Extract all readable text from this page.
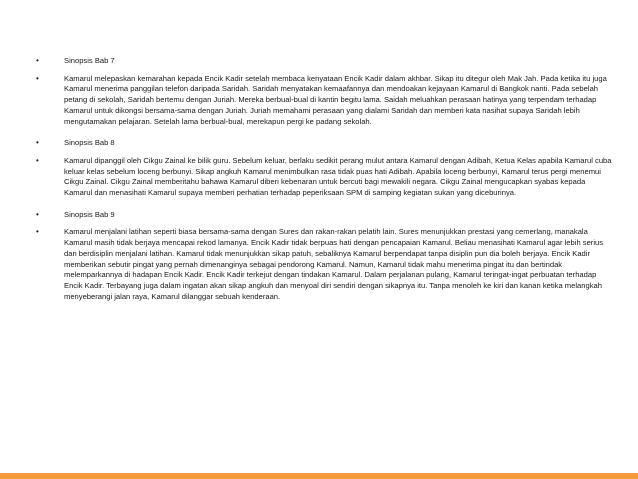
•	Sinopsis Bab 7
•	Kamarul melepaskan kemarahan kepada Encik Kadir setelah membaca kenyataan Encik Kadir dalam akhbar. Sikap itu ditegur oleh Mak Jah. Pada ketika itu juga Kamarul menerima panggilan telefon daripada Saridah. Saridah menyatakan kemaafannya dan mendoakan kejayaan Kamarul di Bangkok nanti. Pada sebelah petang di sekolah, Saridah bertemu dengan Juriah. Mereka berbual-bual di kantin begitu lama. Saidah meluahkan perasaan hatinya yang terpendam terhadap Kamarul untuk dikongsi bersama-sama dengan Juriah. Juriah memahami perasaan yang dialami Saridah dan memberi kata nasihat supaya Saridah lebih mengutamakan pelajaran. Setelah lama berbual-bual, merekapun pergi ke padang sekolah.
•	Sinopsis Bab 8
•	Kamarul dipanggil oleh Cikgu Zainal ke bilik guru. Sebelum keluar, berlaku sedikit perang mulut antara Kamarul dengan Adibah, Ketua Kelas apabila Kamarul cuba keluar kelas sebelum loceng berbunyi. Sikap angkuh Kamarul menimbulkan rasa tidak puas hati Adibah. Apabila loceng berbunyi, Kamarul terus pergi menemui Cikgu Zainal. Cikgu Zainal memberitahu bahawa Kamarul diberi kebenaran untuk bercuti bagi mewakili negara. Cikgu Zainal mengucapkan syabas kepada Kamarul dan menasihati Kamarul supaya memberi perhatian terhadap peperiksaan SPM di samping kegiatan sukan yang diceburinya.
•	Sinopsis Bab 9
•	Kamarul menjalani latihan seperti biasa bersama-sama dengan Sures dan rakan-rakan pelatih lain. Sures menunjukkan prestasi yang cemerlang, manakala Kamarul masih tidak berjaya mencapai rekod lamanya. Encik Kadir tidak berpuas hati dengan pencapaian Kamarul. Beliau menasihati Kamarul agar lebih serius dan berdisiplin menjalani latihan. Kamarul tidak menunjukkan sikap patuh, sebaliknya Kamarul berpendapat tanpa disiplin pun dia boleh berjaya. Encik Kadir memberikan sebutir pingat yang pernah dimenanginya sebagai pendorong Kamarul. Namun, Kamarul tidak mahu menerima pingat itu dan bertindak melemparkannya di hadapan Encik Kadir. Encik Kadir terkejut dengan tindakan Kamarul. Dalam perjalanan pulang, Kamarul teringat-ingat perbuatan terhadap Encik Kadir. Terbayang juga dalam ingatan akan sikap angkuh dan menyoal diri sendiri dengan sikapnya itu. Tanpa menoleh ke kiri dan kanan ketika melangkah menyeberangi jalan raya, Kamarul dilanggar sebuah kenderaan.
